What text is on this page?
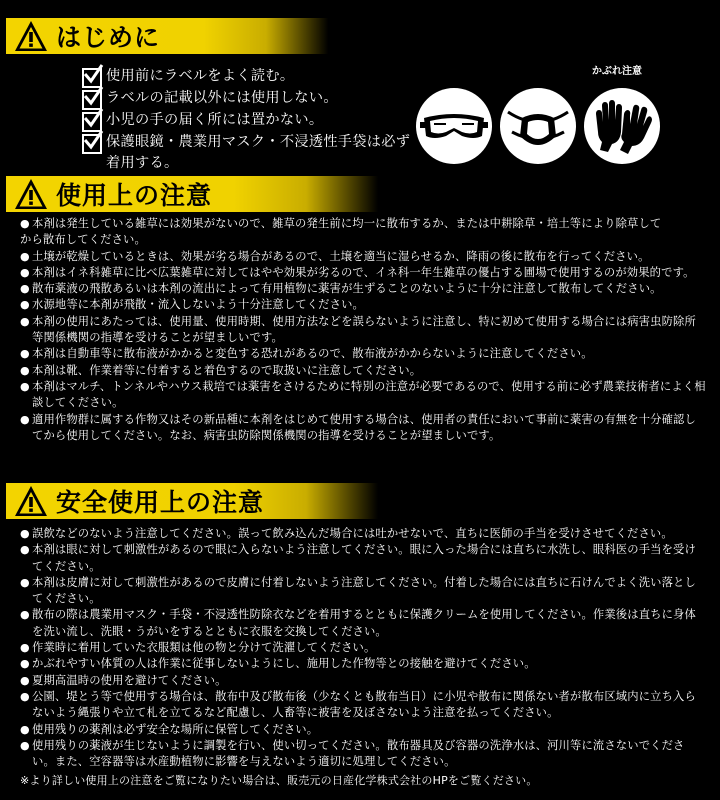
はじめに
使用前にラベルをよく読む。
ラベルの記載以外には使用しない。
小児の手の届く所には置かない。
保護眼鏡・農業用マスク・不浸透性手袋は必ず着用する。
かぶれ注意
使用上の注意
● 本剤は発生している雑草には効果がないので、雑草の発生前に均一に散布するか、または中耕除草・培土等により除草して

から散布してください。

● 土壌が乾燥しているときは、効果が劣る場合があるので、土壌を適当に湿らせるか、降雨の後に散布を行ってください。
● 本剤はイネ科雑草に比べ広葉雑草に対してはやや効果が劣るので、イネ科一年生雑草の優占する圃場で使用するのが効果的です。
● 散布薬液の飛散あるいは本剤の流出によって有用植物に薬害が生ずることのないように十分に注意して散布してください。
● 水源地等に本剤が飛散・流入しないよう十分注意してください。
● 本剤の使用にあたっては、使用量、使用時期、使用方法などを誤らないように注意し、特に初めて使用する場合には病害虫防除所等関係機関の指導を受けることが望ましいです。
● 本剤は自動車等に散布液がかかると変色する恐れがあるので、散布液がかからないように注意してください。
● 本剤は靴、作業着等に付着すると着色するので取扱いに注意してください。
● 本剤はマルチ、トンネルやハウス栽培では薬害をさけるために特別の注意が必要であるので、使用する前に必ず農業技術者によく相談してください。
● 適用作物群に属する作物又はその新品種に本剤をはじめて使用する場合は、使用者の責任において事前に薬害の有無を十分確認してから使用してください。なお、病害虫防除関係機関の指導を受けることが望ましいです。
安全使用上の注意
● 誤飲などのないよう注意してください。誤って飲み込んだ場合には吐かせないで、直ちに医師の手当を受けさせてください。
● 本剤は眼に対して刺激性があるので眼に入らないよう注意してください。眼に入った場合には直ちに水洗し、眼科医の手当を受けてください。
● 本剤は皮膚に対して刺激性があるので皮膚に付着しないよう注意してください。付着した場合には直ちに石けんでよく洗い落としてください。
● 散布の際は農業用マスク・手袋・不浸透性防除衣などを着用するとともに保護クリームを使用してください。作業後は直ちに身体を洗い流し、洗眼・うがいをするとともに衣服を交換してください。
● 作業時に着用していた衣服類は他の物と分けて洗濯してください。
● かぶれやすい体質の人は作業に従事しないようにし、施用した作物等との接触を避けてください。
● 夏期高温時の使用を避けてください。
● 公園、堤とう等で使用する場合は、散布中及び散布後（少なくとも散布当日）に小児や散布に関係ない者が散布区域内に立ち入らないよう縄張りや立て札を立てるなど配慮し、人畜等に被害を及ぼさないよう注意を払ってください。
● 使用残りの薬剤は必ず安全な場所に保管してください。
● 使用残りの薬液が生じないように調製を行い、使い切ってください。散布器具及び容器の洗浄水は、河川等に流さないでください。また、空容器等は水産動植物に影響を与えないよう適切に処理してください。
※より詳しい使用上の注意をご覧になりたい場合は、販売元の日産化学株式会社のHPをご覧ください。
